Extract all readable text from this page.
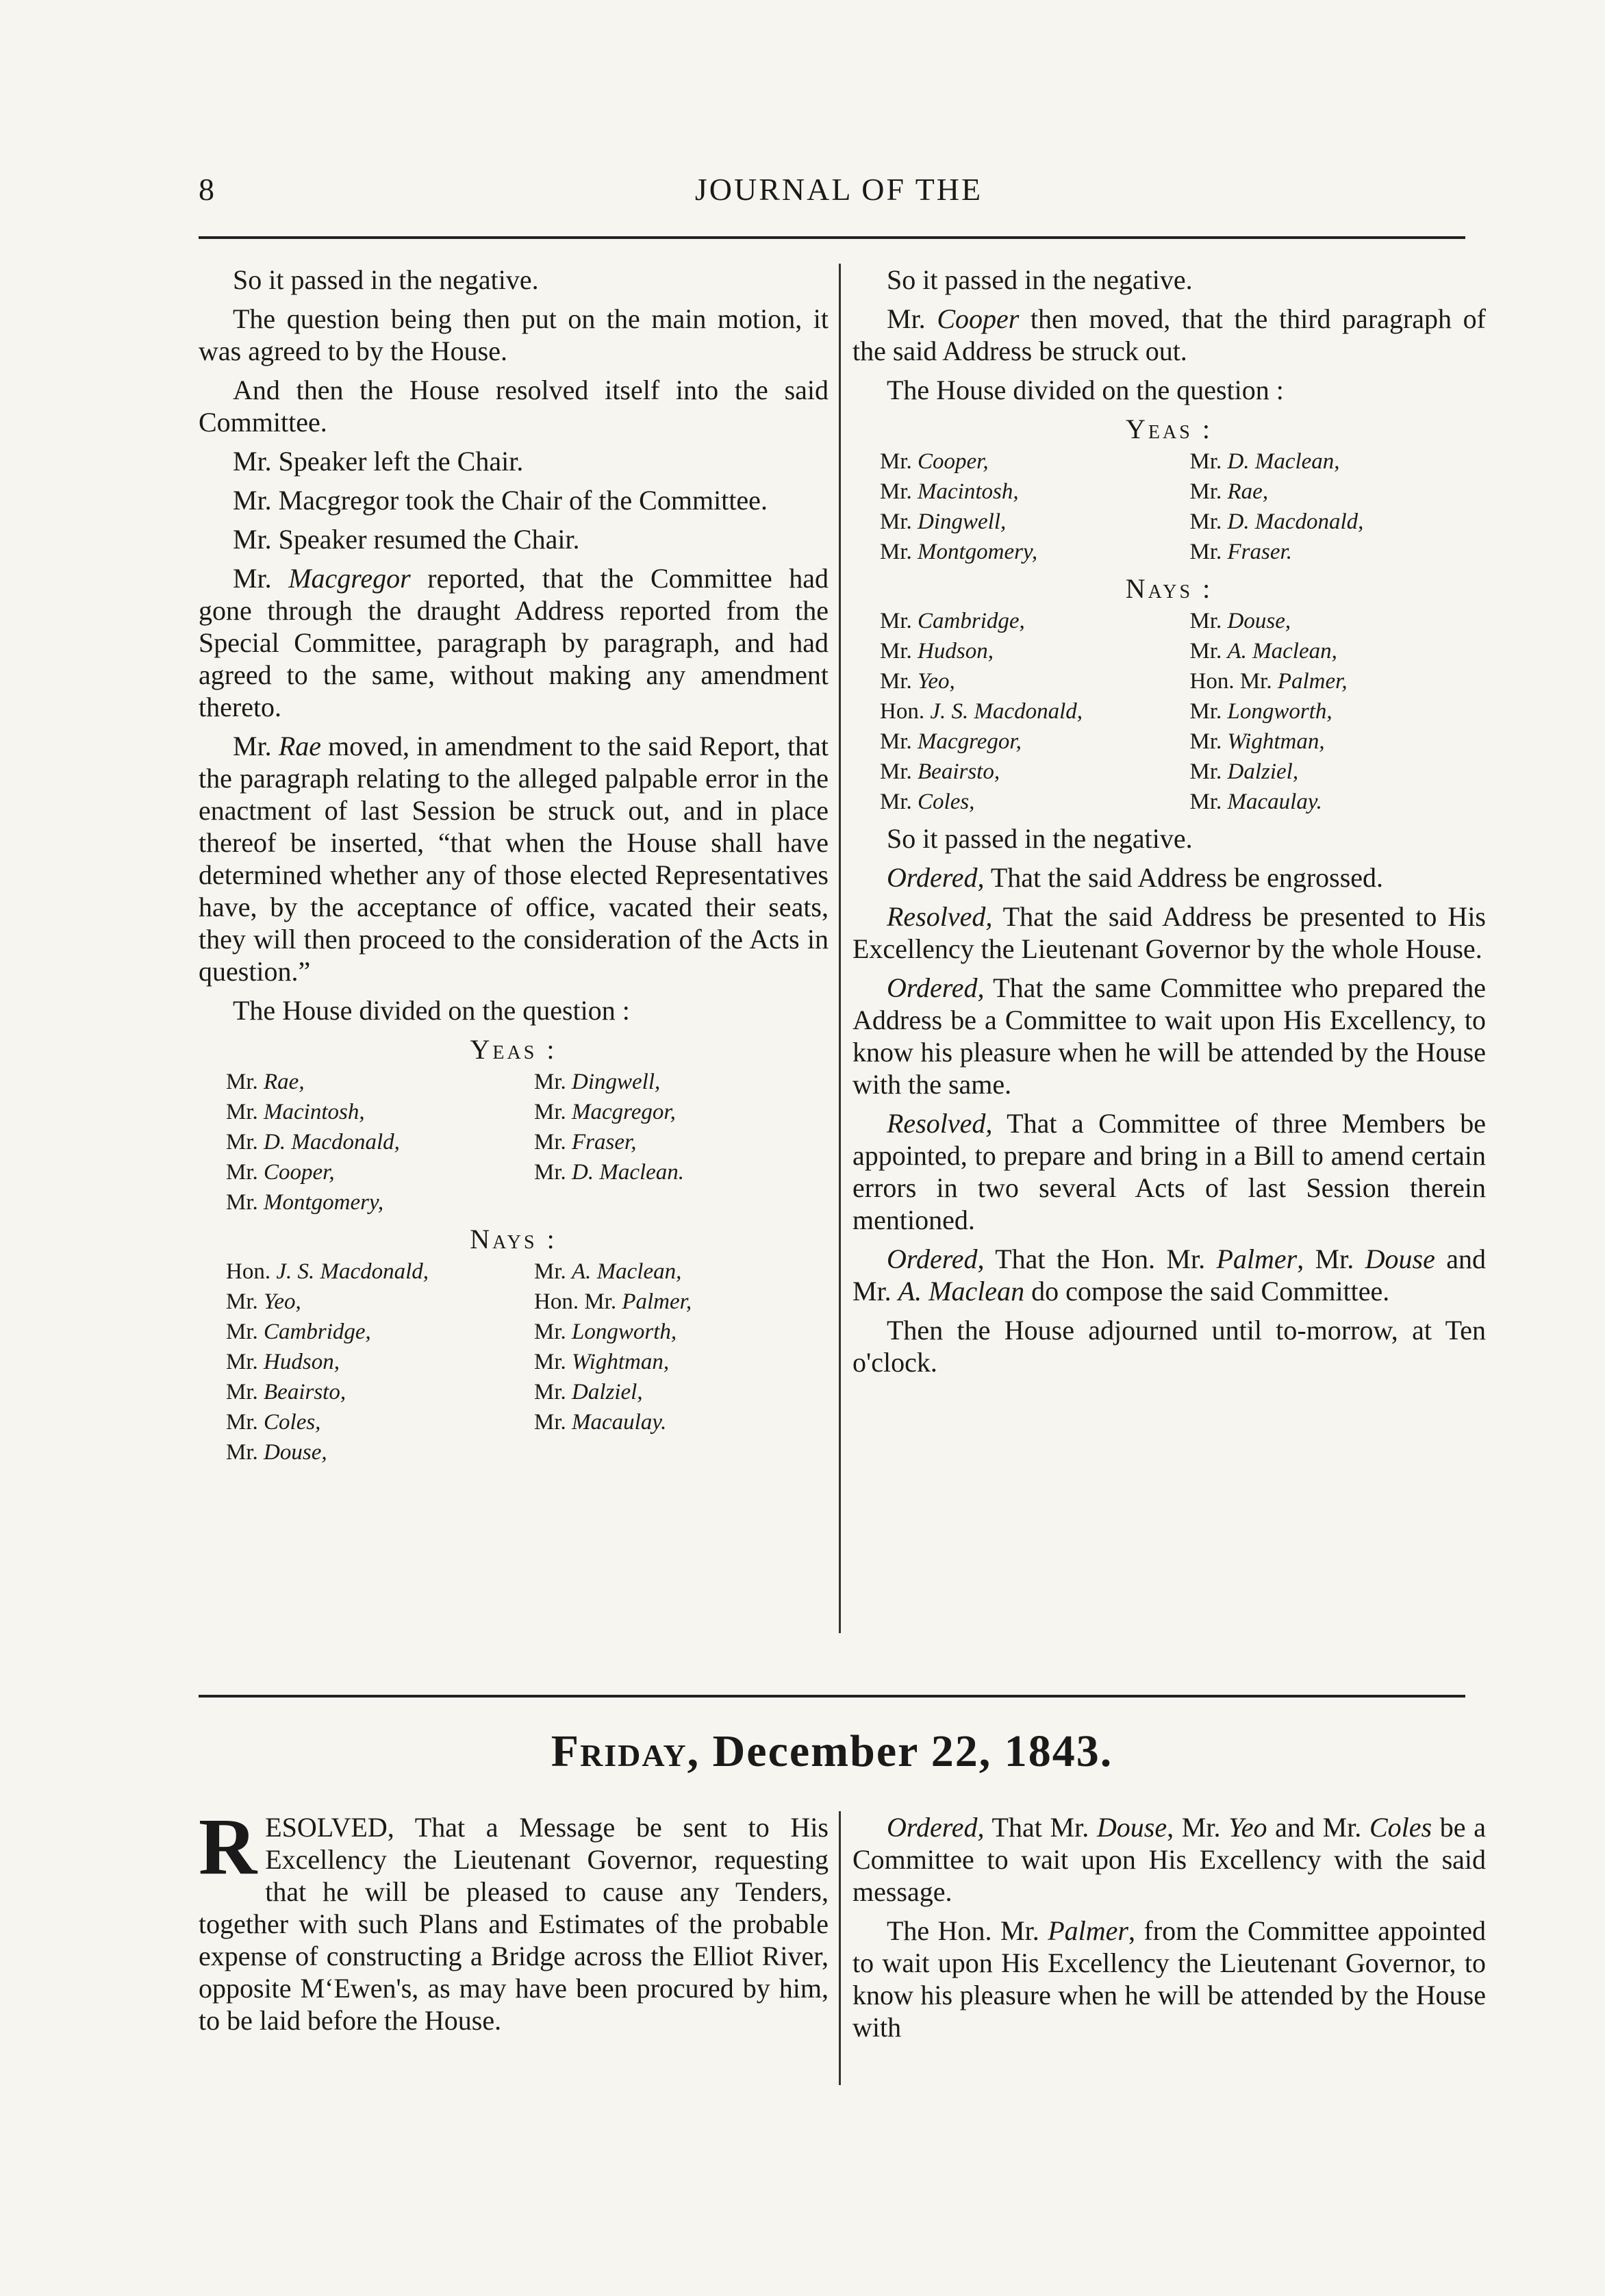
8	JOURNAL OF THE

So it passed in the negative.

The question being then put on the main motion, it was agreed to by the House.

And then the House resolved itself into the said Committee.

Mr. Speaker left the Chair.

Mr. Macgregor took the Chair of the Committee.

Mr. Speaker resumed the Chair.

Mr. Macgregor reported, that the Committee had gone through the draught Address reported from the Special Committee, paragraph by paragraph, and had agreed to the same, without making any amendment thereto.

Mr. Rae moved, in amendment to the said Report, that the paragraph relating to the alleged palpable error in the enactment of last Session be struck out, and in place thereof be inserted, “that when the House shall have determined whether any of those elected Representatives have, by the acceptance of office, vacated their seats, they will then proceed to the consideration of the Acts in question.”

The House divided on the question :

Yeas :
Mr. Rae,	Mr. Dingwell,
Mr. Macintosh,	Mr. Macgregor,
Mr. D. Macdonald,	Mr. Fraser,
Mr. Cooper,	Mr. D. Maclean.
Mr. Montgomery,
Nays :
Hon. J. S. Macdonald,	Mr. A. Maclean,
Mr. Yeo,	Hon. Mr. Palmer,
Mr. Cambridge,	Mr. Longworth,
Mr. Hudson,	Mr. Wightman,
Mr. Beairsto,	Mr. Dalziel,
Mr. Coles,	Mr. Macaulay.
Mr. Douse,

So it passed in the negative.

Mr. Cooper then moved, that the third paragraph of the said Address be struck out.

The House divided on the question :

Yeas :
Mr. Cooper,	Mr. D. Maclean,
Mr. Macintosh,	Mr. Rae,
Mr. Dingwell,	Mr. D. Macdonald,
Mr. Montgomery,	Mr. Fraser.
Nays :
Mr. Cambridge,	Mr. Douse,
Mr. Hudson,	Mr. A. Maclean,
Mr. Yeo,	Hon. Mr. Palmer,
Hon. J. S. Macdonald,	Mr. Longworth,
Mr. Macgregor,	Mr. Wightman,
Mr. Beairsto,	Mr. Dalziel,
Mr. Coles,	Mr. Macaulay.

So it passed in the negative.

Ordered, That the said Address be engrossed.

Resolved, That the said Address be presented to His Excellency the Lieutenant Governor by the whole House.

Ordered, That the same Committee who prepared the Address be a Committee to wait upon His Excellency, to know his pleasure when he will be attended by the House with the same.

Resolved, That a Committee of three Members be appointed, to prepare and bring in a Bill to amend certain errors in two several Acts of last Session therein mentioned.

Ordered, That the Hon. Mr. Palmer, Mr. Douse and Mr. A. Maclean do compose the said Committee.

Then the House adjourned until to-morrow, at Ten o'clock.

Friday, December 22, 1843.

RESOLVED, That a Message be sent to His Excellency the Lieutenant Governor, requesting that he will be pleased to cause any Tenders, together with such Plans and Estimates of the probable expense of constructing a Bridge across the Elliot River, opposite M‘Ewen's, as may have been procured by him, to be laid before the House.

Ordered, That Mr. Douse, Mr. Yeo and Mr. Coles be a Committee to wait upon His Excellency with the said message.

The Hon. Mr. Palmer, from the Committee appointed to wait upon His Excellency the Lieutenant Governor, to know his pleasure when he will be attended by the House with
